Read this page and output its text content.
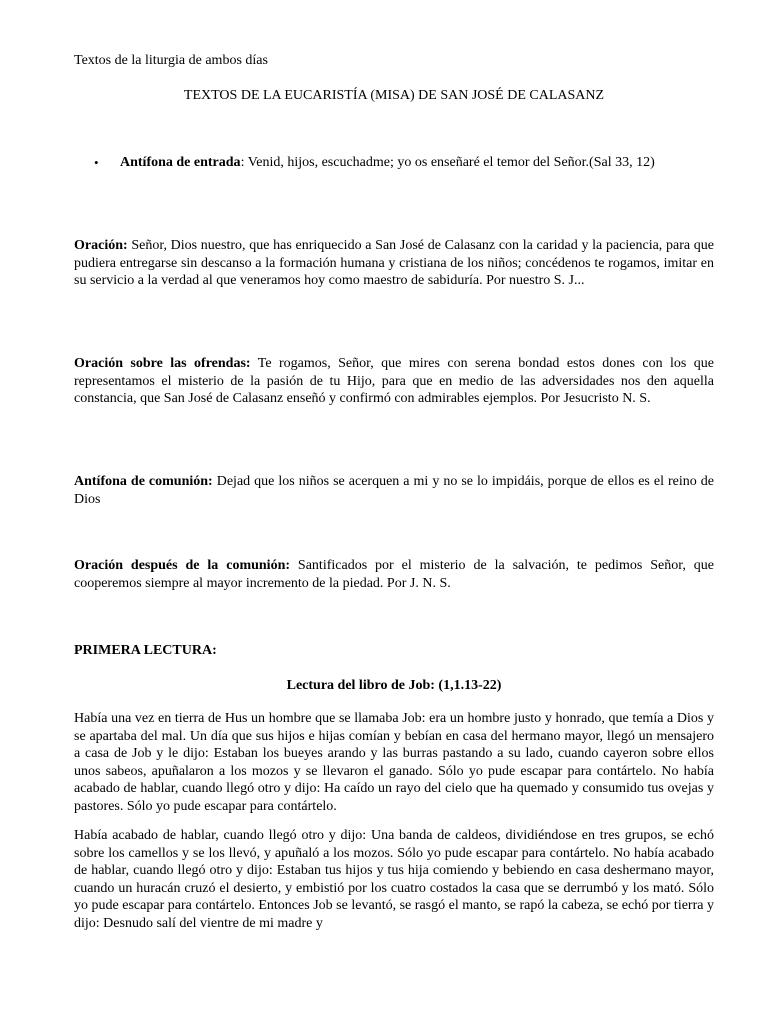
Textos de la liturgia de ambos días

TEXTOS DE LA EUCARISTÍA (MISA) DE SAN JOSÉ DE CALASANZ

•	Antífona de entrada: Venid, hijos, escuchadme; yo os enseñaré el temor del Señor.(Sal 33, 12)

Oración: Señor, Dios nuestro, que has enriquecido a San José de Calasanz con la caridad y la paciencia, para que pudiera entregarse sin descanso a la formación humana y cristiana de los niños; concédenos te rogamos, imitar en su servicio a la verdad al que veneramos hoy como maestro de sabiduría. Por nuestro S. J...

Oración sobre las ofrendas: Te rogamos, Señor, que mires con serena bondad estos dones con los que representamos el misterio de la pasión de tu Hijo, para que en medio de las adversidades nos den aquella constancia, que San José de Calasanz enseñó y confirmó con admirables ejemplos. Por Jesucristo N. S.

Antífona de comunión: Dejad que los niños se acerquen a mi y no se lo impidáis, porque de ellos es el reino de Dios

Oración después de la comunión: Santificados por el misterio de la salvación, te pedimos Señor, que cooperemos siempre al mayor incremento de la piedad. Por J. N. S.

PRIMERA LECTURA:

Lectura del libro de Job: (1,1.13-22)

Había una vez en tierra de Hus un hombre que se llamaba Job: era un hombre justo y honrado, que temía a Dios y se apartaba del mal. Un día que sus hijos e hijas comían y bebían en casa del hermano mayor, llegó un mensajero a casa de Job y le dijo: Estaban los bueyes arando y las burras pastando a su lado, cuando cayeron sobre ellos unos sabeos, apuñalaron a los mozos y se llevaron el ganado. Sólo yo pude escapar para contártelo. No había acabado de hablar, cuando llegó otro y dijo: Ha caído un rayo del cielo que ha quemado y consumido tus ovejas y pastores. Sólo yo pude escapar para contártelo.

Había acabado de hablar, cuando llegó otro y dijo: Una banda de caldeos, dividiéndose en tres grupos, se echó sobre los camellos y se los llevó, y apuñaló a los mozos. Sólo yo pude escapar para contártelo. No había acabado de hablar, cuando llegó otro y dijo: Estaban tus hijos y tus hija comiendo y bebiendo en casa deshermano mayor, cuando un huracán cruzó el desierto, y embistió por los cuatro costados la casa que se derrumbó y los mató. Sólo yo pude escapar para contártelo. Entonces Job se levantó, se rasgó el manto, se rapó la cabeza, se echó por tierra y dijo: Desnudo salí del vientre de mi madre y
